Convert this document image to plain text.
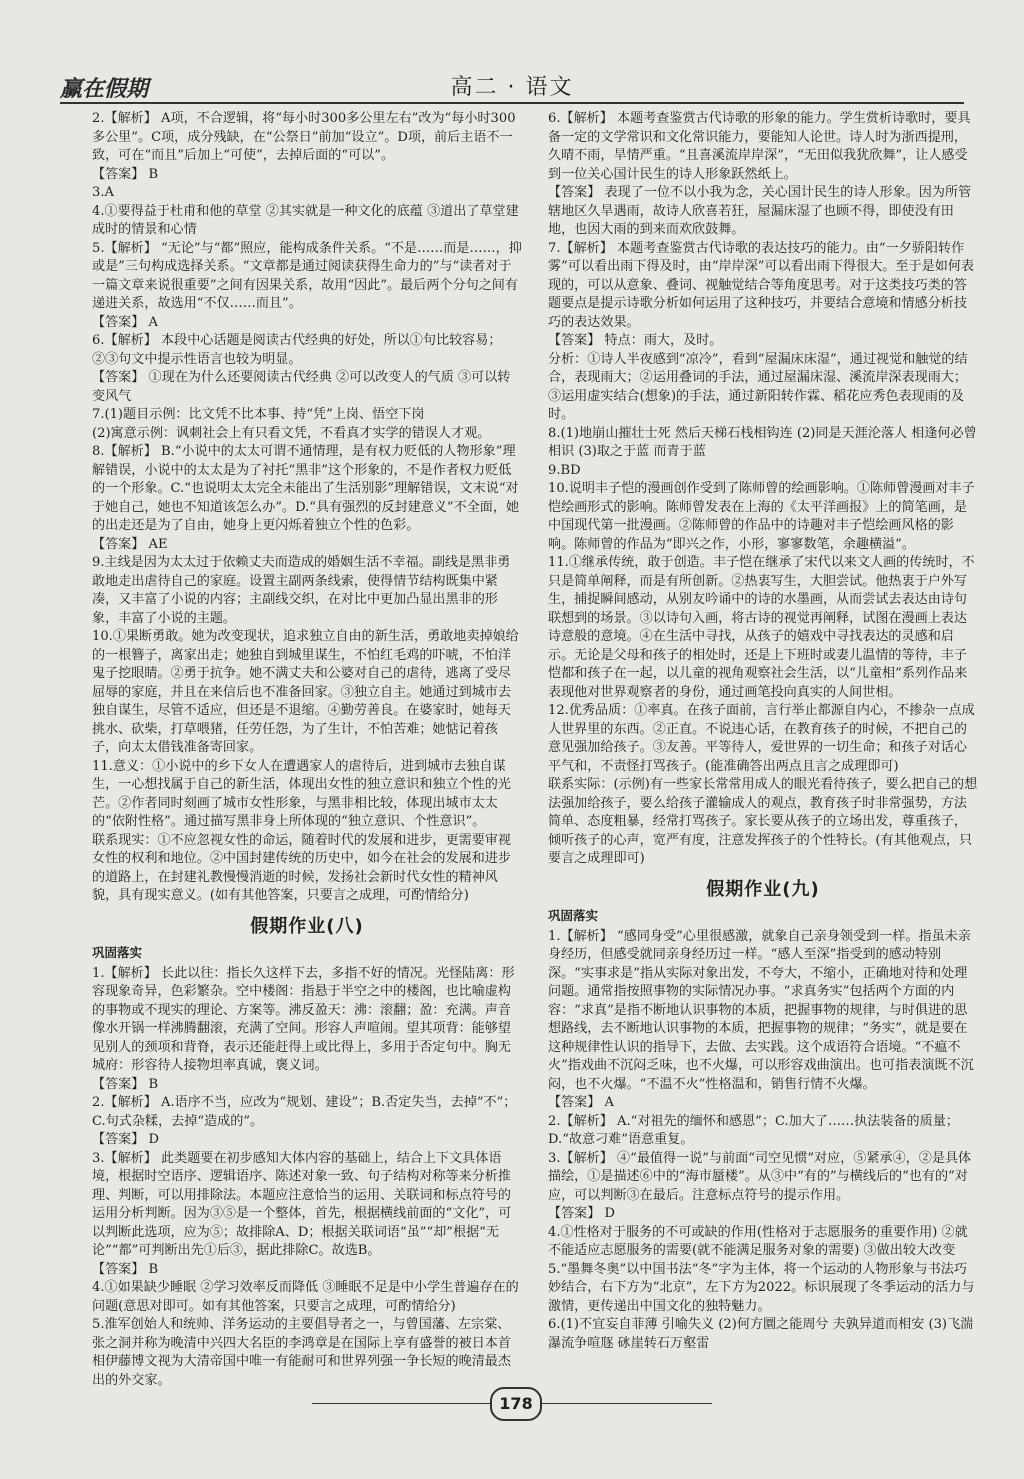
赢在假期	高二 · 语文

2.【解析】 A项，不合逻辑，将“每小时300多公里左右”改为“每小时300多公里”。C项，成分残缺，在“公祭日”前加“设立”。D项，前后主语不一致，可在“而且”后加上“可使”，去掉后面的“可以”。

【答案】 B

3.A

4.①要得益于杜甫和他的草堂 ②其实就是一种文化的底蕴 ③道出了草堂建成时的情景和心情

5.【解析】 “无论”与“都”照应，能构成条件关系。“不是……而是……，抑或是”三句构成选择关系。“文章都是通过阅读获得生命力的”与“读者对于一篇文章来说很重要”之间有因果关系，故用“因此”。最后两个分句之间有递进关系，故选用“不仅……而且”。

【答案】 A

6.【解析】 本段中心话题是阅读古代经典的好处，所以①句比较容易；②③句文中提示性语言也较为明显。

【答案】 ①现在为什么还要阅读古代经典 ②可以改变人的气质 ③可以转变风气

7.(1)题目示例：比文凭不比本事、持“凭”上岗、悟空下岗

(2)寓意示例：讽刺社会上有只看文凭，不看真才实学的错误人才观。

8.【解析】 B.“小说中的太太可谓不通情理，是有权力贬低的人物形象”理解错误，小说中的太太是为了衬托“黑非”这个形象的，不是作者权力贬低的一个形象。C.“也说明太太完全未能出了生活别影”理解错误，文末说“对于她自己，她也不知道该怎么办”。D.“具有强烈的反封建意义”不全面，她的出走还是为了自由，她身上更闪烁着独立个性的色彩。

【答案】 AE

9.主线是因为太太过于依赖丈夫而造成的婚姻生活不幸福。副线是黑非勇敢地走出虐待自己的家庭。设置主副两条线索，使得情节结构既集中紧凑，又丰富了小说的内容；主副线交织，在对比中更加凸显出黑非的形象，丰富了小说的主题。

10.①果断勇敢。她为改变现状，追求独立自由的新生活，勇敢地卖掉娘给的一根簪子，离家出走；她独自到城里谋生，不怕红毛鸡的吓唬，不怕洋鬼子挖眼睛。②勇于抗争。她不满丈夫和公婆对自己的虐待，逃离了受尽屈辱的家庭，并且在来信后也不准备回家。③独立自主。她通过到城市去独自谋生，尽管不适应，但还是不退缩。④勤劳善良。在婆家时，她每天挑水、砍柴，打草喂猪，任劳任怨，为了生计，不怕苦难；她惦记着孩子，向太太借钱准备寄回家。

11.意义：①小说中的乡下女人在遭遇家人的虐待后，进到城市去独自谋生，一心想找属于自己的新生活，体现出女性的独立意识和独立个性的光芒。②作者同时刻画了城市女性形象，与黑非相比较，体现出城市太太的“依附性格”。通过描写黑非身上所体现的“独立意识、个性意识”。

联系现实：①不应忽视女性的命运，随着时代的发展和进步，更需要审视女性的权利和地位。②中国封建传统的历史中，如今在社会的发展和进步的道路上，在封建礼教慢慢消逝的时候，发扬社会新时代女性的精神风貌，具有现实意义。(如有其他答案，只要言之成理，可酌情给分)

假期作业(八)
巩固落实

1.【解析】 长此以往：指长久这样下去，多指不好的情况。光怪陆离：形容现象奇异，色彩繁杂。空中楼阁：指悬于半空之中的楼阁，也比喻虚构的事物或不现实的理论、方案等。沸反盈天：沸：滚翻；盈：充满。声音像水开锅一样沸腾翻滚，充满了空间。形容人声喧闹。望其项背：能够望见别人的颈项和背脊，表示还能赶得上或比得上，多用于否定句中。胸无城府：形容待人接物坦率真诚，褒义词。

【答案】 B

2.【解析】 A.语序不当，应改为“规划、建设”；B.否定失当，去掉“不”；C.句式杂糅，去掉“造成的”。

【答案】 D

3.【解析】 此类题要在初步感知大体内容的基础上，结合上下文具体语境，根据时空语序、逻辑语序、陈述对象一致、句子结构对称等来分析推理、判断，可以用排除法。本题应注意恰当的运用、关联词和标点符号的运用分析判断。因为③⑤是一个整体，首先，根据横线前面的“文化”，可以判断此选项，应为⑤；故排除A、D；根据关联词语“虽”“却”根据“无论”“都”可判断出先①后③，据此排除C。故选B。

【答案】 B

4.①如果缺少睡眠 ②学习效率反而降低 ③睡眠不足是中小学生普遍存在的问题(意思对即可。如有其他答案，只要言之成理，可酌情给分)

5.淮军创始人和统帅、洋务运动的主要倡导者之一，与曾国藩、左宗棠、张之洞并称为晚清中兴四大名臣的李鸿章是在国际上享有盛誉的被日本首相伊藤博文视为大清帝国中唯一有能耐可和世界列强一争长短的晚清最杰出的外交家。

6.【解析】 本题考查鉴赏古代诗歌的形象的能力。学生赏析诗歌时，要具备一定的文学常识和文化常识能力，要能知人论世。诗人时为浙西提刑，久晴不雨，旱情严重。“且喜溪流岸岸深”，“无田似我犹欣舞”，让人感受到一位关心国计民生的诗人形象跃然纸上。

【答案】 表现了一位不以小我为念，关心国计民生的诗人形象。因为所管辖地区久旱遇雨，故诗人欣喜若狂，屋漏床湿了也顾不得，即使没有田地，也因大雨的到来而欢欣鼓舞。

7.【解析】 本题考查鉴赏古代诗歌的表达技巧的能力。由“一夕骄阳转作雾”可以看出雨下得及时，由“岸岸深”可以看出雨下得很大。至于是如何表现的，可以从意象、叠词、视触觉结合等角度思考。对于这类技巧类的答题要点是提示诗歌分析如何运用了这种技巧，并要结合意境和情感分析技巧的表达效果。

【答案】 特点：雨大，及时。

分析：①诗人半夜感到“凉冷”，看到“屋漏床床湿”，通过视觉和触觉的结合，表现雨大；②运用叠词的手法，通过屋漏床湿、溪流岸深表现雨大；③运用虚实结合(想象)的手法，通过新阳转作霖、稻花应秀色表现雨的及时。

8.(1)地崩山摧壮士死 然后天梯石栈相钩连 (2)同是天涯沦落人 相逢何必曾相识 (3)取之于蓝 而青于蓝

9.BD

10.说明丰子恺的漫画创作受到了陈师曾的绘画影响。①陈师曾漫画对丰子恺绘画形式的影响。陈师曾发表在上海的《太平洋画报》上的简笔画，是中国现代第一批漫画。②陈师曾的作品中的诗趣对丰子恺绘画风格的影响。陈师曾的作品为“即兴之作，小形，寥寥数笔，余趣横溢”。

11.①继承传统，敢于创造。丰子恺在继承了宋代以来文人画的传统时，不只是简单阐释，而是有所创新。②热衷写生，大胆尝试。他热衷于户外写生，捕捉瞬间感动，从别友吟诵中的诗的水墨画，从而尝试去表达由诗句联想到的场景。③以诗句入画，将古诗的视觉再阐释，试图在漫画上表达诗意般的意境。④在生活中寻找，从孩子的嬉戏中寻找表达的灵感和启示。无论是父母和孩子的相处时，还是上下班时或妻儿温情的等待，丰子恺都和孩子在一起，以儿童的视角观察社会生活，以“儿童相”系列作品来表现他对世界观察者的身份，通过画笔投向真实的人间世相。

12.优秀品质：①率真。在孩子面前，言行举止都源自内心，不掺杂一点成人世界里的东西。②正直。不说违心话，在教育孩子的时候，不把自己的意见强加给孩子。③友善。平等待人，爱世界的一切生命；和孩子对话心平气和，不责怪打骂孩子。(能准确答出两点且言之成理即可)

联系实际：(示例)有一些家长常常用成人的眼光看待孩子，要么把自己的想法强加给孩子，要么给孩子灌输成人的观点，教育孩子时非常强势，方法简单、态度粗暴，经常打骂孩子。家长要从孩子的立场出发，尊重孩子，倾听孩子的心声，宽严有度，注意发挥孩子的个性特长。(有其他观点，只要言之成理即可)

假期作业(九)
巩固落实

1.【解析】 “感同身受”心里很感激，就象自己亲身领受到一样。指虽未亲身经历，但感受就同亲身经历过一样。“感人至深”指受到的感动特别深。“实事求是”指从实际对象出发，不夸大，不缩小，正确地对待和处理问题。通常指按照事物的实际情况办事。“求真务实”包括两个方面的内容：“求真”是指不断地认识事物的本质，把握事物的规律，与时俱进的思想路线，去不断地认识事物的本质，把握事物的规律；“务实”，就是要在这种规律性认识的指导下，去做、去实践。这个成语符合语境。“不瘟不火”指戏曲不沉闷乏味，也不火爆，可以形容戏曲演出。也可指表演既不沉闷，也不火爆。“不温不火”性格温和，销售行情不火爆。

【答案】 A

2.【解析】 A.“对祖先的缅怀和感恩”；C.加大了……执法装备的质量；D.“故意刁难”语意重复。

3.【解析】 ④“最值得一说”与前面“司空见惯”对应，⑤紧承④，②是具体描绘，①是描述⑥中的“海市蜃楼”。从③中“有的”与横线后的“也有的”对应，可以判断③在最后。注意标点符号的提示作用。

【答案】 D

4.①性格对于服务的不可或缺的作用(性格对于志愿服务的重要作用) ②就不能适应志愿服务的需要(就不能满足服务对象的需要) ③做出较大改变

5.“墨舞冬奥”以中国书法“冬”字为主体，将一个运动的人物形象与书法巧妙结合，右下方为“北京”，左下方为2022。标识展现了冬季运动的活力与激情，更传递出中国文化的独特魅力。

6.(1)不宜妄自菲薄 引喻失义 (2)何方圜之能周兮 夫孰异道而相安 (3)飞湍瀑流争喧豗 砯崖转石万壑雷

178
